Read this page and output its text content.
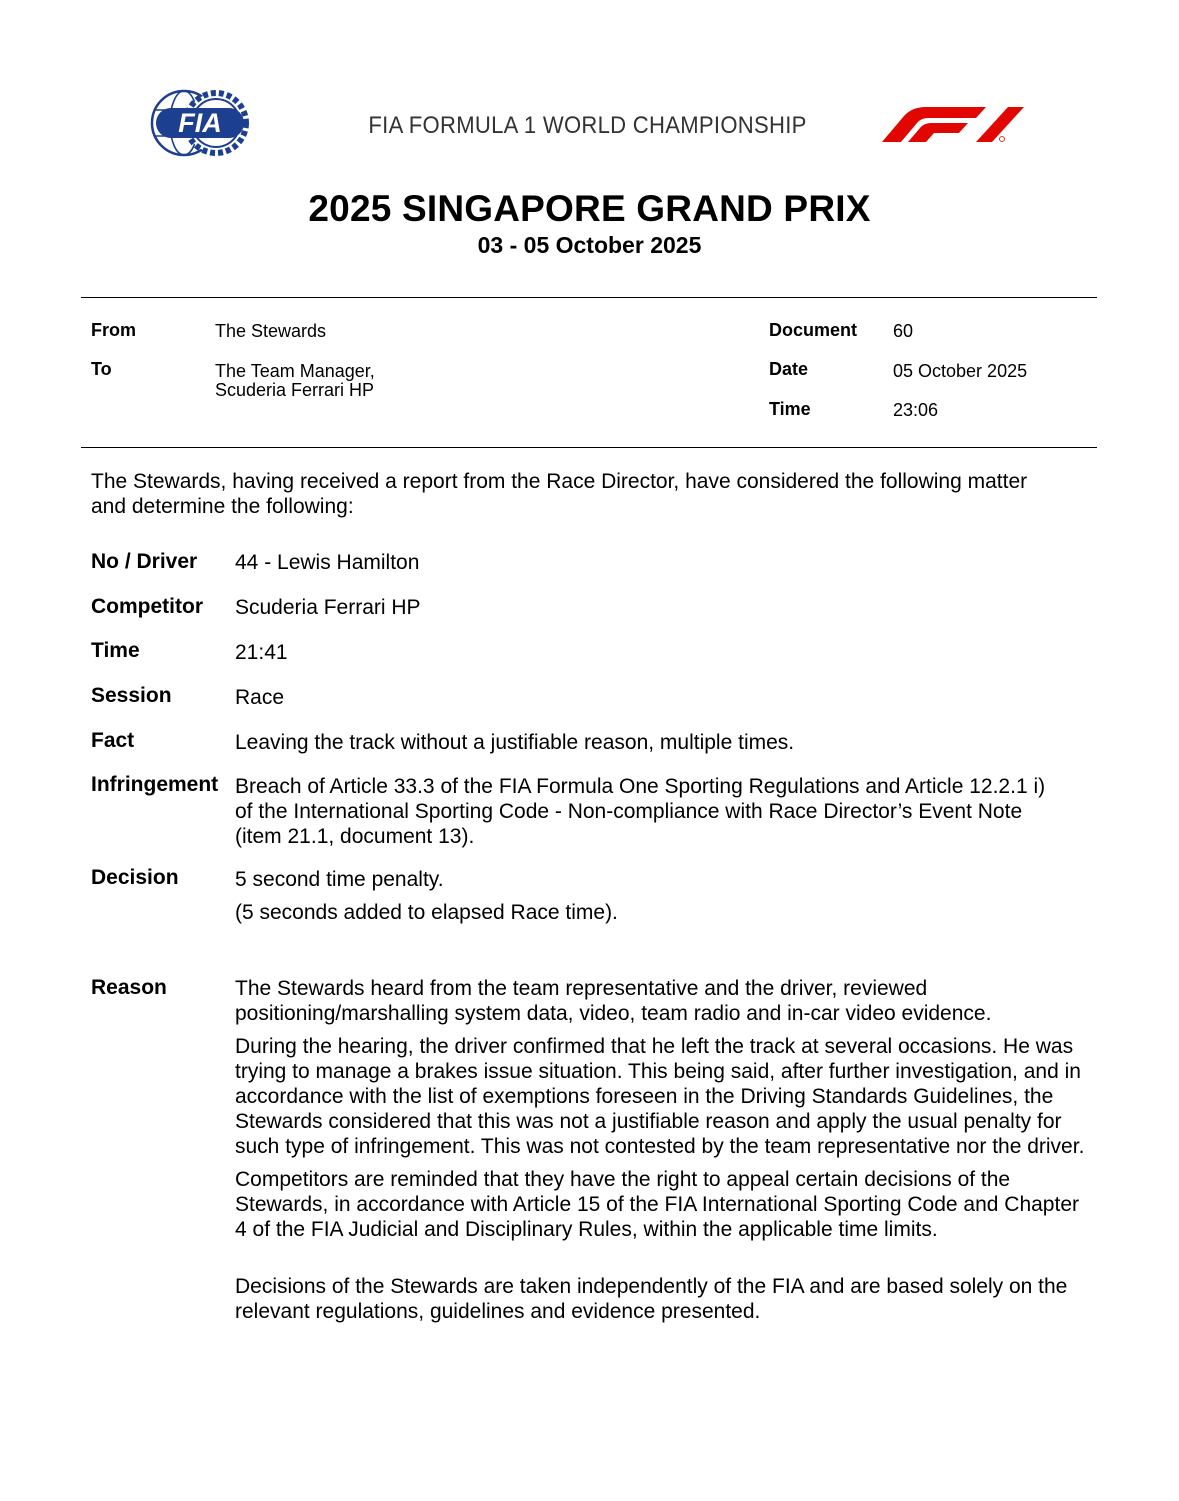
FIA	FIA FORMULA 1 WORLD CHAMPIONSHIP
2025 SINGAPORE GRAND PRIX
03 - 05 October 2025
From	The Stewards
To	The Team Manager,
Scuderia Ferrari HP
Document 60
Date	05 October 2025
Time	23:06
The Stewards, having received a report from the Race Director, have considered the following matter and determine the following:
No / Driver 44 - Lewis Hamilton
Competitor Scuderia Ferrari HP
Time	21:41
Session	Race
Fact	Leaving the track without a justifiable reason, multiple times.
Infringement Breach of Article 33.3 of the FIA Formula One Sporting Regulations and Article 12.2.1 i) of the International Sporting Code - Non-compliance with Race Director’s Event Note (item 21.1, document 13).
Decision	5 second time penalty.
(5 seconds added to elapsed Race time).
Reason	The Stewards heard from the team representative and the driver, reviewed positioning/marshalling system data, video, team radio and in-car video evidence.

During the hearing, the driver confirmed that he left the track at several occasions. He was trying to manage a brakes issue situation. This being said, after further investigation, and in accordance with the list of exemptions foreseen in the Driving Standards Guidelines, the Stewards considered that this was not a justifiable reason and apply the usual penalty for such type of infringement. This was not contested by the team representative nor the driver.

Competitors are reminded that they have the right to appeal certain decisions of the Stewards, in accordance with Article 15 of the FIA International Sporting Code and Chapter 4 of the FIA Judicial and Disciplinary Rules, within the applicable time limits.

Decisions of the Stewards are taken independently of the FIA and are based solely on the relevant regulations, guidelines and evidence presented.
